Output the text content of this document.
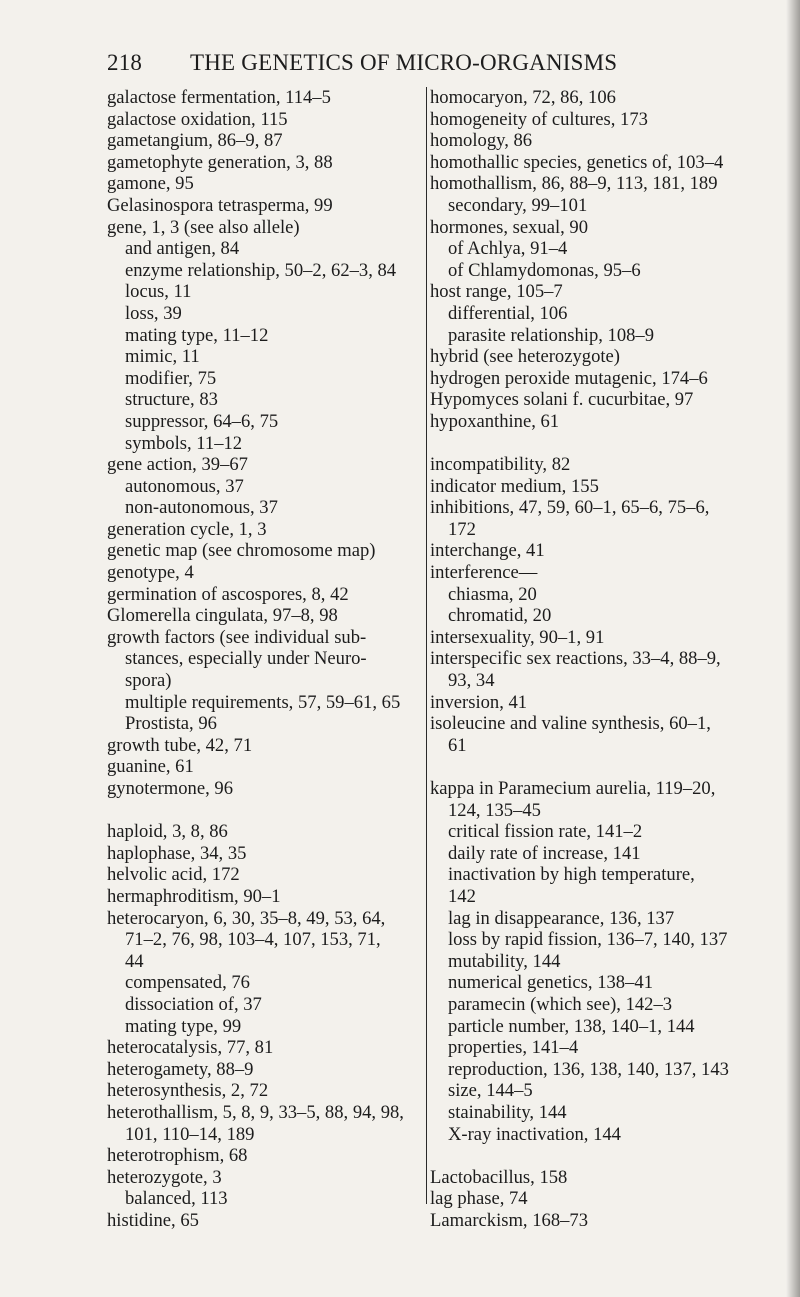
218 THE GENETICS OF MICRO-ORGANISMS
galactose fermentation, 114–5
galactose oxidation, 115
gametangium, 86–9, 87
gametophyte generation, 3, 88
gamone, 95
Gelasinospora tetrasperma, 99
gene, 1, 3 (see also allele)
and antigen, 84
enzyme relationship, 50–2, 62–3, 84
locus, 11
loss, 39
mating type, 11–12
mimic, 11
modifier, 75
structure, 83
suppressor, 64–6, 75
symbols, 11–12
gene action, 39–67
autonomous, 37
non-autonomous, 37
generation cycle, 1, 3
genetic map (see chromosome map)
genotype, 4
germination of ascospores, 8, 42
Glomerella cingulata, 97–8, 98
growth factors (see individual sub-
stances, especially under Neuro-
spora)
multiple requirements, 57, 59–61, 65
Prostista, 96
growth tube, 42, 71
guanine, 61
gynotermone, 96
haploid, 3, 8, 86
haplophase, 34, 35
helvolic acid, 172
hermaphroditism, 90–1
heterocaryon, 6, 30, 35–8, 49, 53, 64,
71–2, 76, 98, 103–4, 107, 153, 71,
44
compensated, 76
dissociation of, 37
mating type, 99
heterocatalysis, 77, 81
heterogamety, 88–9
heterosynthesis, 2, 72
heterothallism, 5, 8, 9, 33–5, 88, 94, 98,
101, 110–14, 189
heterotrophism, 68
heterozygote, 3
balanced, 113
histidine, 65
homocaryon, 72, 86, 106
homogeneity of cultures, 173
homology, 86
homothallic species, genetics of, 103–4
homothallism, 86, 88–9, 113, 181, 189
secondary, 99–101
hormones, sexual, 90
of Achlya, 91–4
of Chlamydomonas, 95–6
host range, 105–7
differential, 106
parasite relationship, 108–9
hybrid (see heterozygote)
hydrogen peroxide mutagenic, 174–6
Hypomyces solani f. cucurbitae, 97
hypoxanthine, 61
incompatibility, 82
indicator medium, 155
inhibitions, 47, 59, 60–1, 65–6, 75–6,
172
interchange, 41
interference—
chiasma, 20
chromatid, 20
intersexuality, 90–1, 91
interspecific sex reactions, 33–4, 88–9,
93, 34
inversion, 41
isoleucine and valine synthesis, 60–1,
61
kappa in Paramecium aurelia, 119–20,
124, 135–45
critical fission rate, 141–2
daily rate of increase, 141
inactivation by high temperature,
142
lag in disappearance, 136, 137
loss by rapid fission, 136–7, 140, 137
mutability, 144
numerical genetics, 138–41
paramecin (which see), 142–3
particle number, 138, 140–1, 144
properties, 141–4
reproduction, 136, 138, 140, 137, 143
size, 144–5
stainability, 144
X-ray inactivation, 144
Lactobacillus, 158
lag phase, 74
Lamarckism, 168–73
